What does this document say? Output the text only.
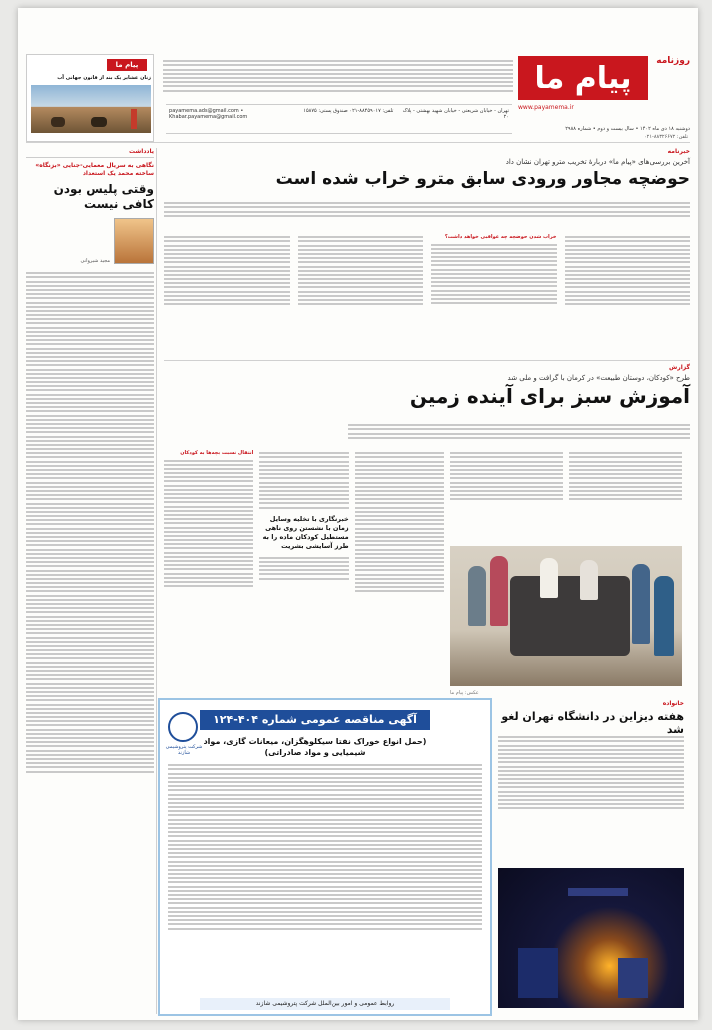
پیام ما
زنان عشایر یک بند از قانون جهانی آب	پیام ما	روزنامه
www.payamema.ir
دوشنبه ۱۸ دی ماه ۱۴۰۲ • سال بیست و دوم • شماره ۲۹۸۸
تلفن: ۸۸۳۲۶۶۷۲-۰۲۱
تهران - خیابان شریعتی - خیابان شهید بهشتی - پلاک ۲۰
تلفن: ۸۸۴۵۹۰۱۷-۰۲۱ صندوق پستی: ۱۵۸۷۵
payamema.ads@gmail.com • Khabar.payamema@gmail.com
خبرنامه
آخرین بررسی‌های «پیام ما» دربارهٔ تخریب مترو تهران نشان داد
حوضچه مجاور ورودی سابق مترو خراب شده است
خراب شدن حوضچه چه عواقبی خواهد داشت؟
گزارش
طرح «کودکان، دوستان طبیعت» در کرمان با گرافت و ملی شد
آموزش سبز برای آینده زمین
عکس: پیام ما
خبرنگاری با تخلیه وسایل زمان با نشستن روی ناهی مستطیل کودکان ماده را به طرز آسایشی بشریت
انتقال نسبت بچه‌ها به کودکان
یادداشت
نگاهی به سریال معمایی-جنایی «بزنگاه» ساخته محمد یک استعداد
وقتی پلیس بودن کافی نیست
مجید شیروانی
خانواده
هفته دیزاین در دانشگاه تهران لغو شد
شرکت پتروشیمی شازند
آگهی مناقصه عمومی شماره ۴۰۴-۱۲۴
(حمل انواع خوراک نفتا سیکلوهگزان، میعانات گازی، مواد شیمیایی و مواد صادراتی)
روابط عمومی و امور بین‌الملل شرکت پتروشیمی شازند
